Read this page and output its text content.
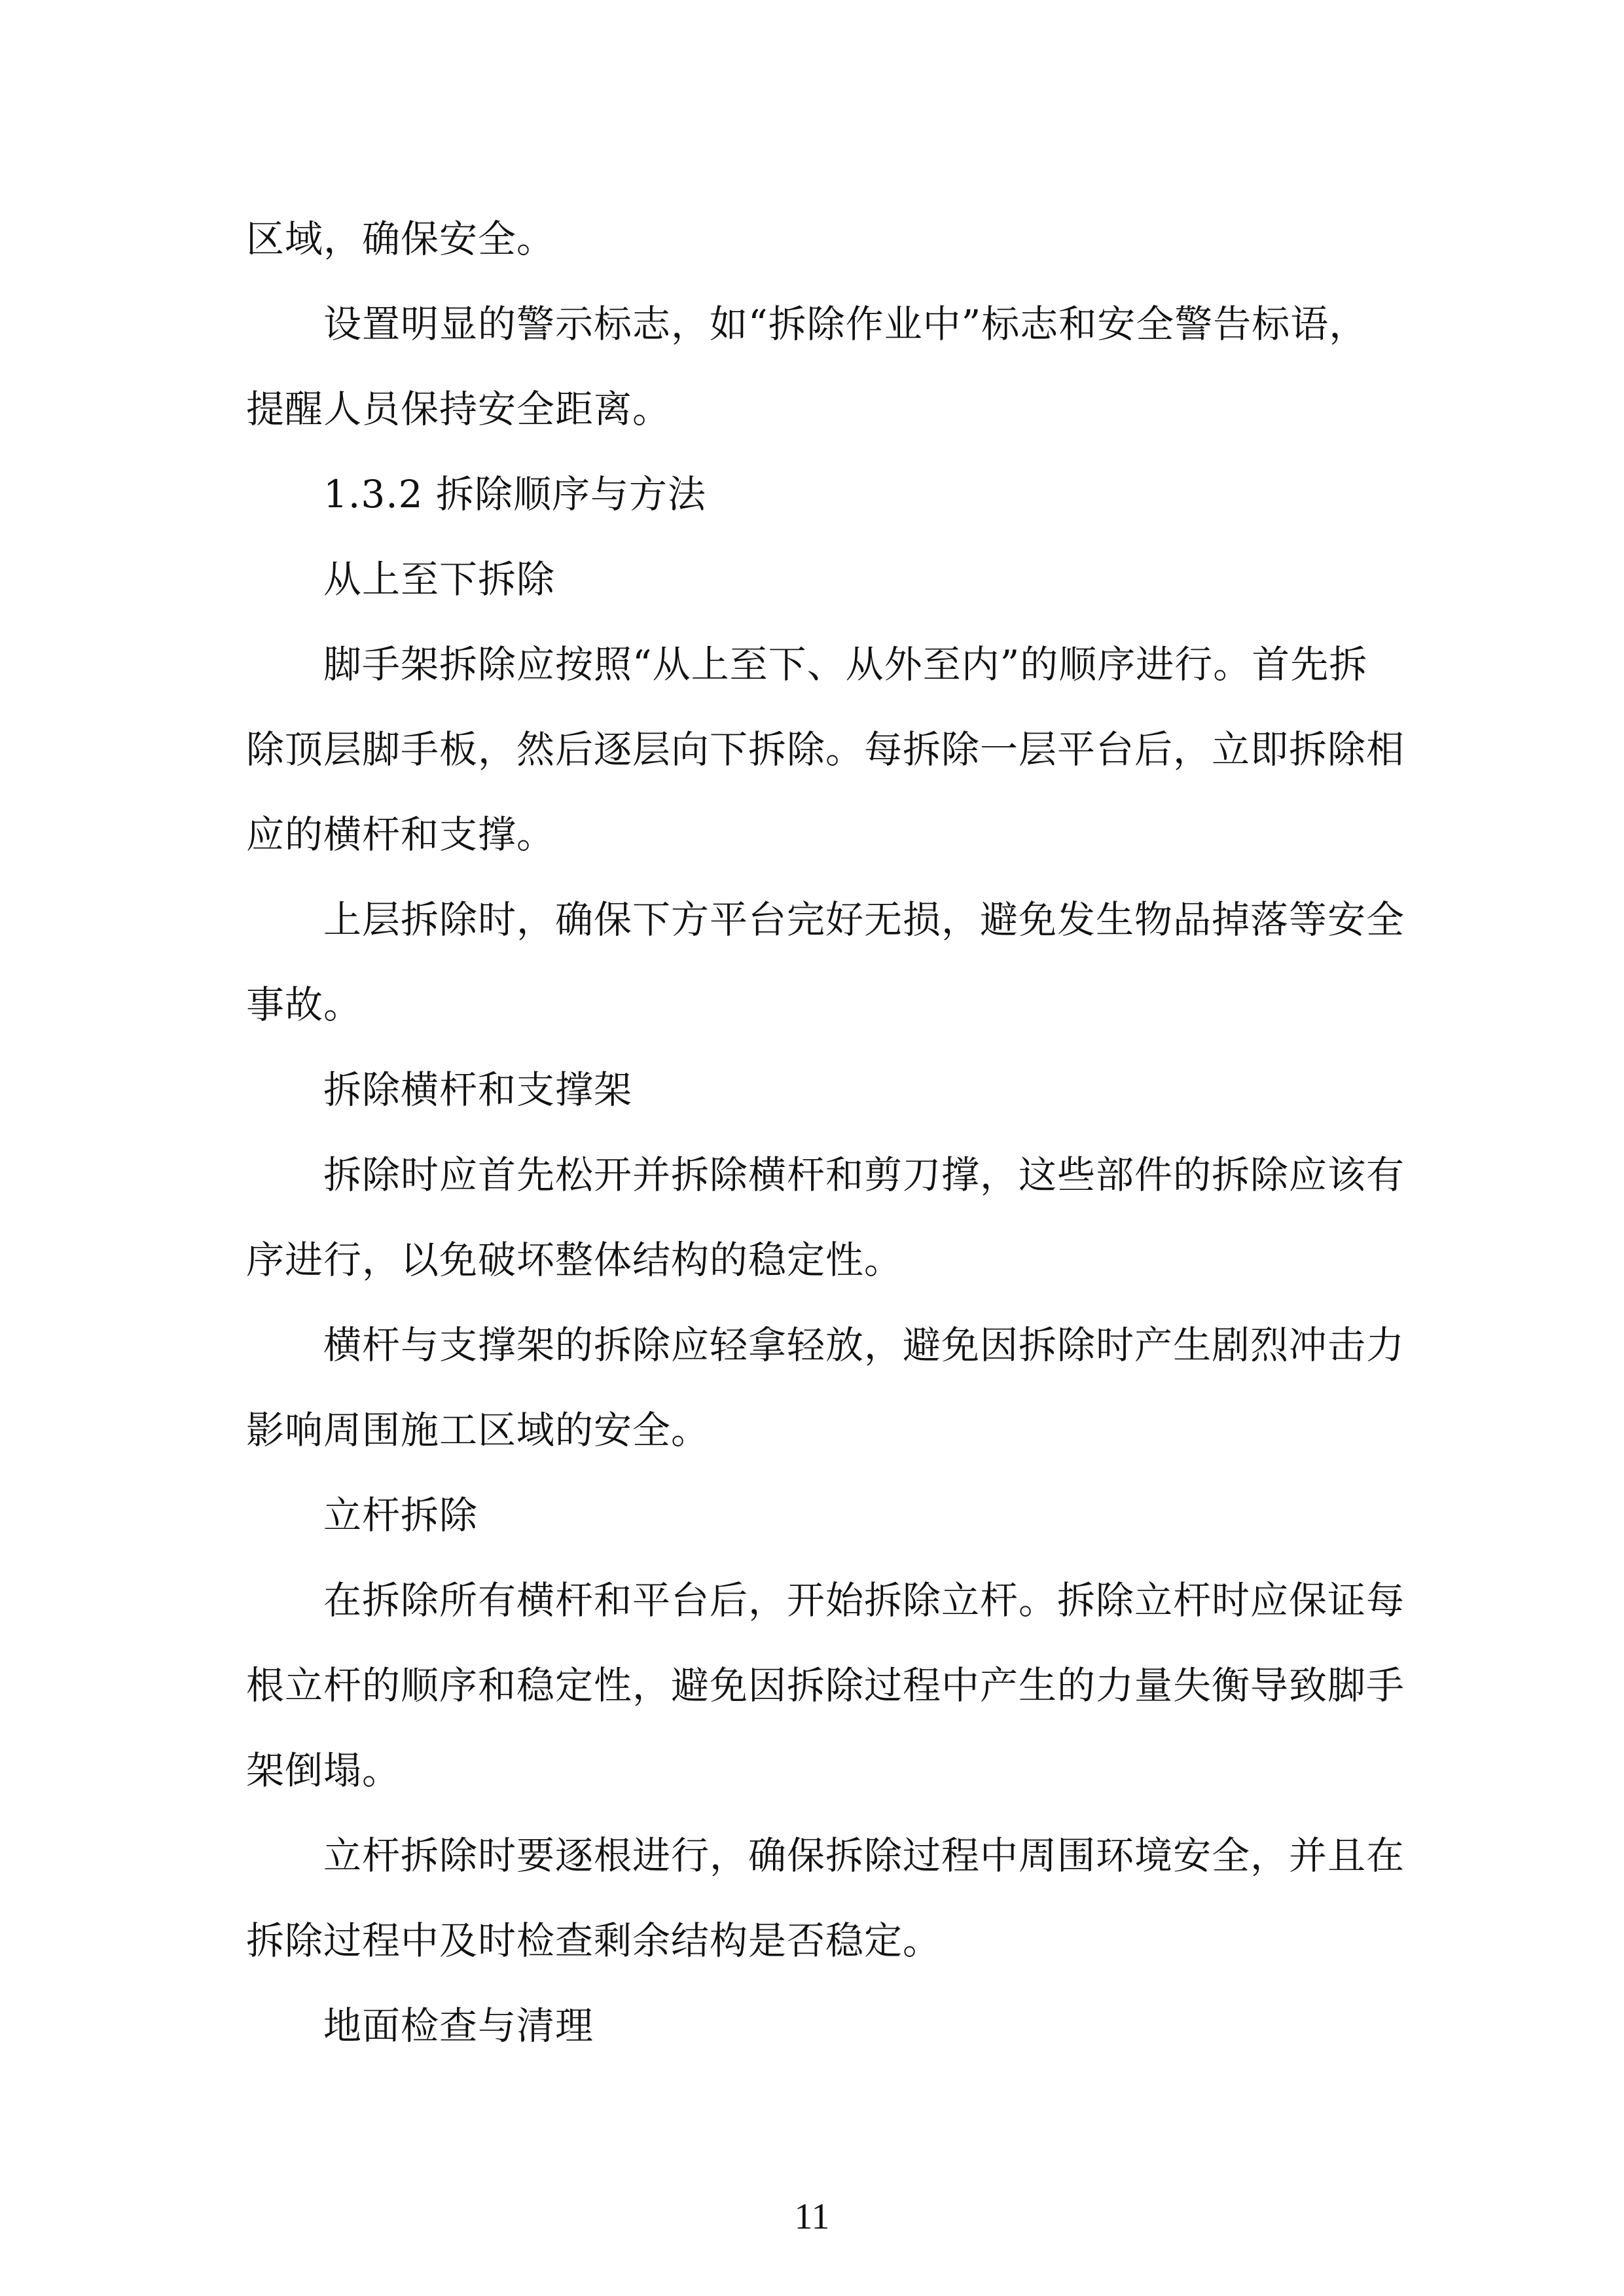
区域，确保安全。
设置明显的警示标志，如“拆除作业中”标志和安全警告标语，
提醒人员保持安全距离。
1.3.2 拆除顺序与方法
从上至下拆除
脚手架拆除应按照“从上至下、从外至内”的顺序进行。首先拆
除顶层脚手板，然后逐层向下拆除。每拆除一层平台后，立即拆除相
应的横杆和支撑。
上层拆除时，确保下方平台完好无损，避免发生物品掉落等安全
事故。
拆除横杆和支撑架
拆除时应首先松开并拆除横杆和剪刀撑，这些部件的拆除应该有
序进行，以免破坏整体结构的稳定性。
横杆与支撑架的拆除应轻拿轻放，避免因拆除时产生剧烈冲击力
影响周围施工区域的安全。
立杆拆除
在拆除所有横杆和平台后，开始拆除立杆。拆除立杆时应保证每
根立杆的顺序和稳定性，避免因拆除过程中产生的力量失衡导致脚手
架倒塌。
立杆拆除时要逐根进行，确保拆除过程中周围环境安全，并且在
拆除过程中及时检查剩余结构是否稳定。
地面检查与清理
11
